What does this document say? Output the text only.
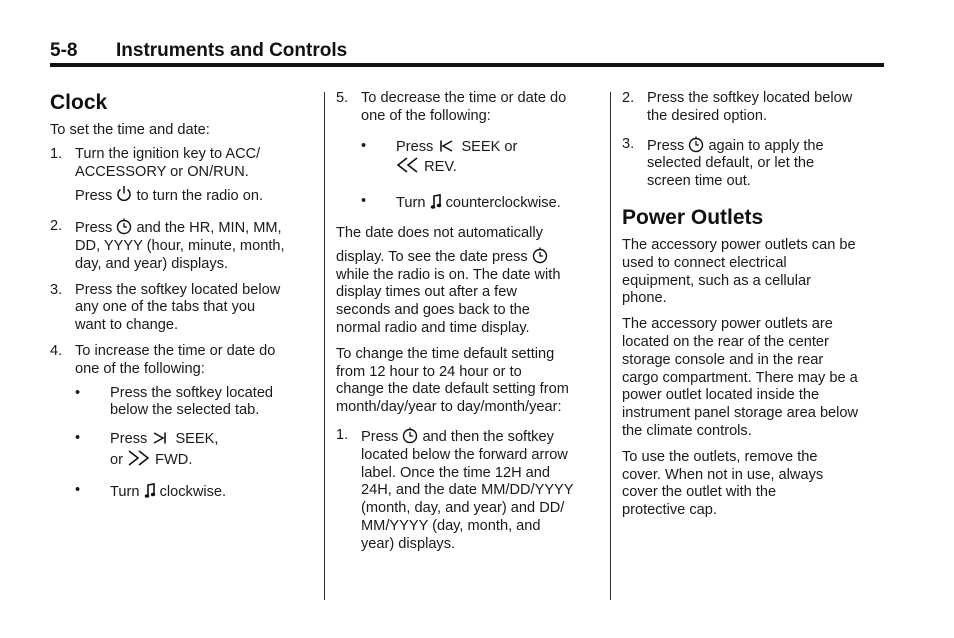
5-8 Instruments and Controls
Clock

To set the time and date:

1. Turn the ignition key to ACC/
ACCESSORY or ON/RUN.
Press to turn the radio on.
2. Press and the HR, MIN, MM,
DD, YYYY (hour, minute, month,
day, and year) displays.
3. Press the softkey located below
any one of the tabs that you
want to change.
4. To increase the time or date do
one of the following:
• Press the softkey located
below the selected tab.
• Press SEEK,
or FWD.
• Turn clockwise.
5. To decrease the time or date do
one of the following:
• Press SEEK or
REV.
• Turn counterclockwise.
The date does not automatically
display. To see the date press
while the radio is on. The date with
display times out after a few
seconds and goes back to the
normal radio and time display.
To change the time default setting
from 12 hour to 24 hour or to
change the date default setting from
month/day/year to day/month/year:
1. Press and then the softkey
located below the forward arrow
label. Once the time 12H and
24H, and the date MM/DD/YYYY
(month, day, and year) and DD/
MM/YYYY (day, month, and
year) displays.
2. Press the softkey located below
the desired option.
3. Press again to apply the
selected default, or let the
screen time out.
Power Outlets
The accessory power outlets can be
used to connect electrical
equipment, such as a cellular
phone.
The accessory power outlets are
located on the rear of the center
storage console and in the rear
cargo compartment. There may be a
power outlet located inside the
instrument panel storage area below
the climate controls.
To use the outlets, remove the
cover. When not in use, always
cover the outlet with the
protective cap.
